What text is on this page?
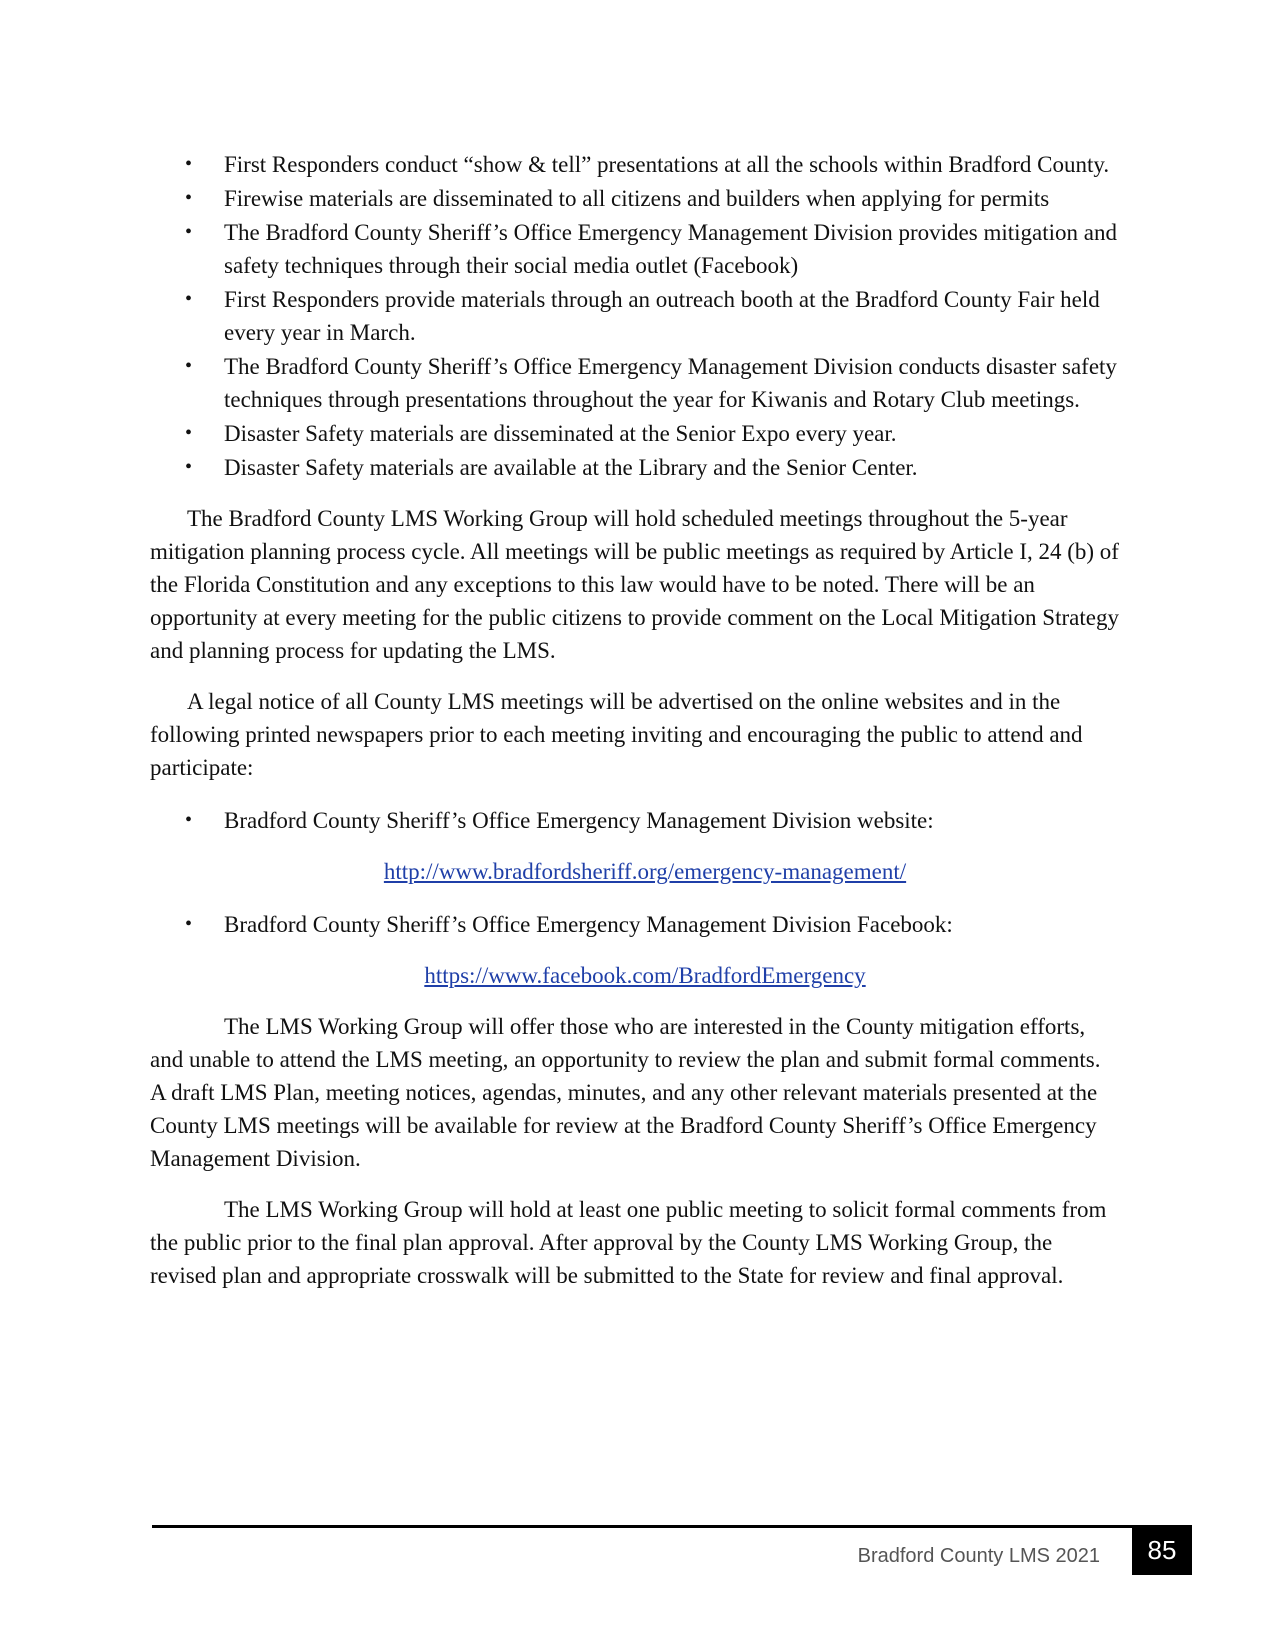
• First Responders conduct “show & tell” presentations at all the schools within Bradford County.
• Firewise materials are disseminated to all citizens and builders when applying for permits
• The Bradford County Sheriff’s Office Emergency Management Division provides mitigation and safety techniques through their social media outlet (Facebook)
• First Responders provide materials through an outreach booth at the Bradford County Fair held every year in March.
• The Bradford County Sheriff’s Office Emergency Management Division conducts disaster safety techniques through presentations throughout the year for Kiwanis and Rotary Club meetings.
• Disaster Safety materials are disseminated at the Senior Expo every year.
• Disaster Safety materials are available at the Library and the Senior Center.

The Bradford County LMS Working Group will hold scheduled meetings throughout the 5-year mitigation planning process cycle. All meetings will be public meetings as required by Article I, 24 (b) of the Florida Constitution and any exceptions to this law would have to be noted. There will be an opportunity at every meeting for the public citizens to provide comment on the Local Mitigation Strategy and planning process for updating the LMS.

A legal notice of all County LMS meetings will be advertised on the online websites and in the following printed newspapers prior to each meeting inviting and encouraging the public to attend and participate:

• Bradford County Sheriff’s Office Emergency Management Division website:
http://www.bradfordsheriff.org/emergency-management/
• Bradford County Sheriff’s Office Emergency Management Division Facebook:
https://www.facebook.com/BradfordEmergency

The LMS Working Group will offer those who are interested in the County mitigation efforts, and unable to attend the LMS meeting, an opportunity to review the plan and submit formal comments. A draft LMS Plan, meeting notices, agendas, minutes, and any other relevant materials presented at the County LMS meetings will be available for review at the Bradford County Sheriff’s Office Emergency Management Division.

The LMS Working Group will hold at least one public meeting to solicit formal comments from the public prior to the final plan approval. After approval by the County LMS Working Group, the revised plan and appropriate crosswalk will be submitted to the State for review and final approval.

Bradford County LMS 2021	85
